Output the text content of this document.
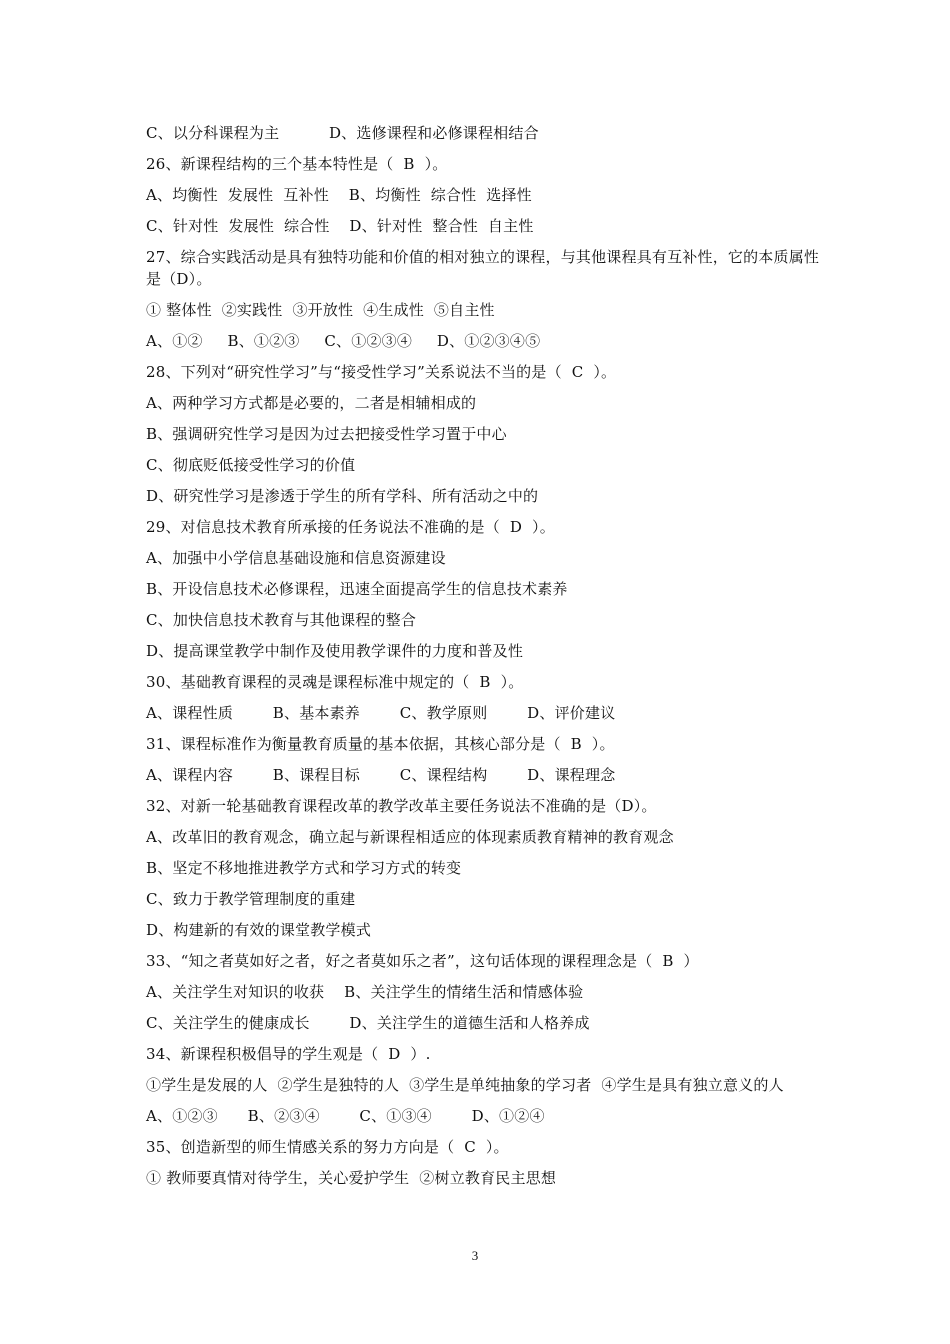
C、以分科课程为主          D、选修课程和必修课程相结合
26、新课程结构的三个基本特性是（  B  ）。
A、均衡性  发展性  互补性    B、均衡性  综合性  选择性
C、针对性  发展性  综合性    D、针对性  整合性  自主性
27、综合实践活动是具有独特功能和价值的相对独立的课程，与其他课程具有互补性，它的本质属性是（D）。
① 整体性  ②实践性  ③开放性  ④生成性  ⑤自主性
A、①②     B、①②③     C、①②③④     D、①②③④⑤
28、下列对“研究性学习”与“接受性学习”关系说法不当的是（  C  ）。
A、两种学习方式都是必要的，二者是相辅相成的
B、强调研究性学习是因为过去把接受性学习置于中心
C、彻底贬低接受性学习的价值
D、研究性学习是渗透于学生的所有学科、所有活动之中的
29、对信息技术教育所承接的任务说法不准确的是（  D  ）。
A、加强中小学信息基础设施和信息资源建设
B、开设信息技术必修课程，迅速全面提高学生的信息技术素养
C、加快信息技术教育与其他课程的整合
D、提高课堂教学中制作及使用教学课件的力度和普及性
30、基础教育课程的灵魂是课程标准中规定的（  B  ）。
A、课程性质        B、基本素养        C、教学原则        D、评价建议
31、课程标准作为衡量教育质量的基本依据，其核心部分是（  B  ）。
A、课程内容        B、课程目标        C、课程结构        D、课程理念
32、对新一轮基础教育课程改革的教学改革主要任务说法不准确的是（D）。
A、改革旧的教育观念，确立起与新课程相适应的体现素质教育精神的教育观念
B、坚定不移地推进教学方式和学习方式的转变
C、致力于教学管理制度的重建
D、构建新的有效的课堂教学模式
33、“知之者莫如好之者，好之者莫如乐之者”，这句话体现的课程理念是（  B  ）
A、关注学生对知识的收获    B、关注学生的情绪生活和情感体验
C、关注学生的健康成长        D、关注学生的道德生活和人格养成
34、新课程积极倡导的学生观是（  D  ）.
①学生是发展的人  ②学生是独特的人  ③学生是单纯抽象的学习者  ④学生是具有独立意义的人
A、①②③      B、②③④        C、①③④        D、①②④
35、创造新型的师生情感关系的努力方向是（  C  ）。
① 教师要真情对待学生，关心爱护学生  ②树立教育民主思想
3
